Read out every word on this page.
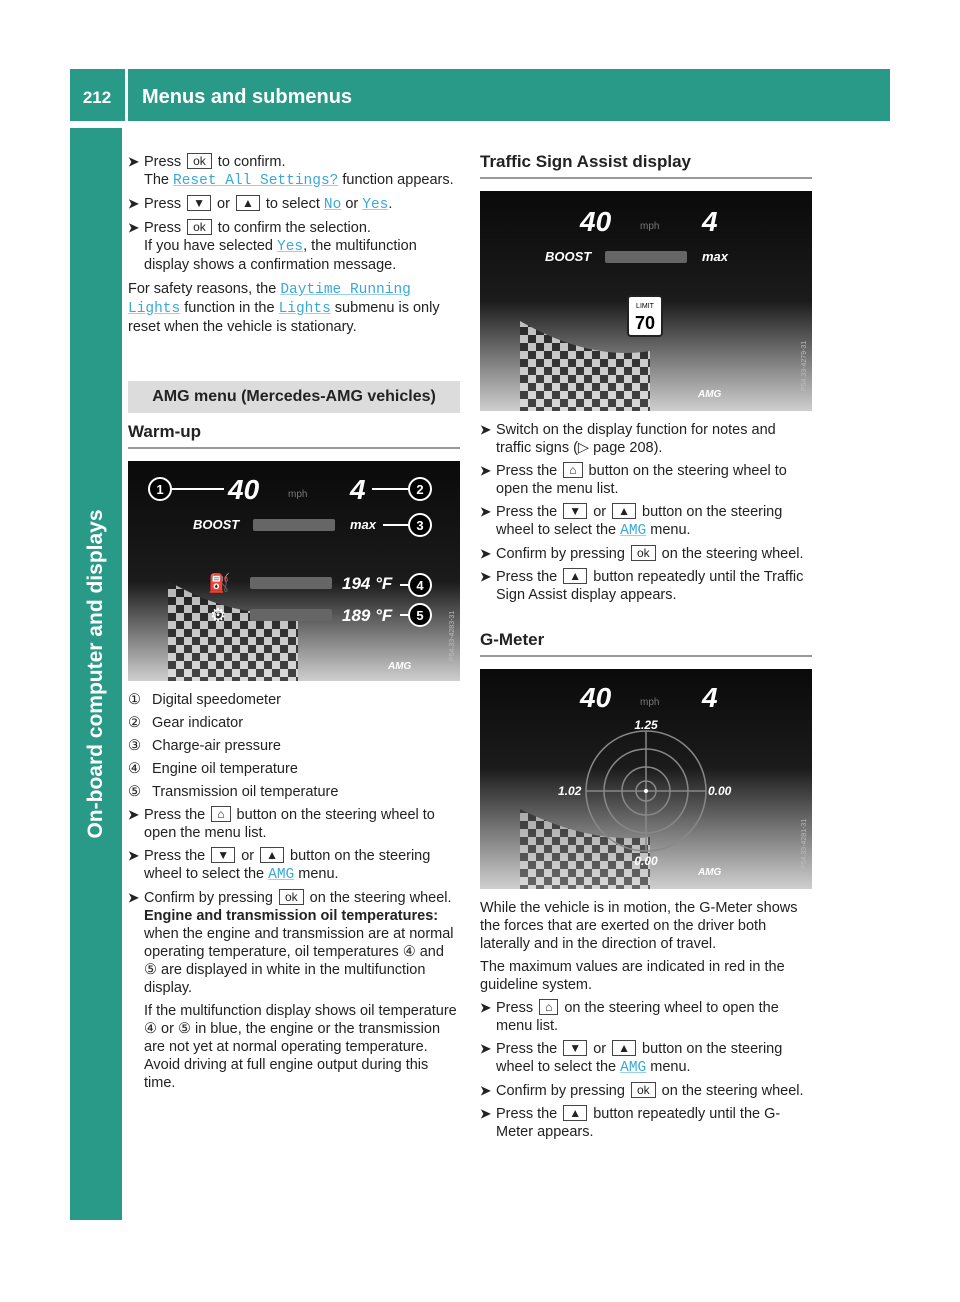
212	Menus and submenus
On-board computer and displays
➤ Press ok to confirm.
The Reset All Settings? function appears.
➤ Press ▼ or ▲ to select No or Yes.
➤ Press ok to confirm the selection.
If you have selected Yes, the multifunction display shows a confirmation message.

For safety reasons, the Daytime Running Lights function in the Lights submenu is only reset when the vehicle is stationary.

AMG menu (Mercedes-AMG vehicles)
Warm-up
40	mph 4
BOOST	max
194 °F
189 °F
⛽
⚙
AMG
P54.33-4283-31
1	2
3
4
5
① Digital speedometer
② Gear indicator
③ Charge-air pressure
④ Engine oil temperature
⑤ Transmission oil temperature
➤ Press the ⌂ button on the steering wheel to open the menu list.
➤ Press the ▼ or ▲ button on the steering wheel to select the AMG menu.
➤ Confirm by pressing ok on the steering wheel.
Engine and transmission oil temperatures: when the engine and transmission are at normal operating temperature, oil temperatures ④ and ⑤ are displayed in white in the multifunction display.

If the multifunction display shows oil temperature ④ or ⑤ in blue, the engine or the transmission are not yet at normal operating temperature. Avoid driving at full engine output during this time.

Traffic Sign Assist display
40	mph 4
BOOST	max
LIMIT
70
AMG
P54.33-4279-31
➤ Switch on the display function for notes and traffic signs (▷ page 208).
➤ Press the ⌂ button on the steering wheel to open the menu list.
➤ Press the ▼ or ▲ button on the steering wheel to select the AMG menu.
➤ Confirm by pressing ok on the steering wheel.
➤ Press the ▲ button repeatedly until the Traffic Sign Assist display appears.
G-Meter
40	mph 4
1.25
1.02	0.00
0.00
AMG
P54.33-4281-31

While the vehicle is in motion, the G-Meter shows the forces that are exerted on the driver both laterally and in the direction of travel.

The maximum values are indicated in red in the guideline system.

➤ Press ⌂ on the steering wheel to open the menu list.
➤ Press the ▼ or ▲ button on the steering wheel to select the AMG menu.
➤ Confirm by pressing ok on the steering wheel.
➤ Press the ▲ button repeatedly until the G-Meter appears.
